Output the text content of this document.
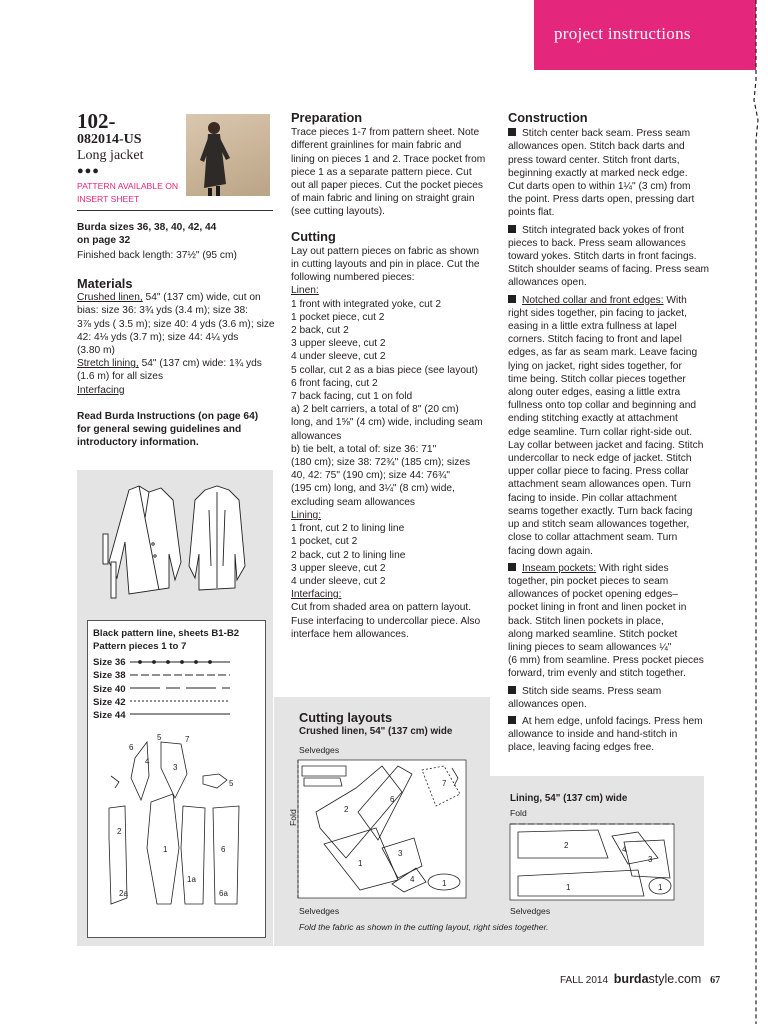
project instructions
102-
082014-US
Long jacket
●●●
PATTERN AVAILABLE ON
INSERT SHEET
Burda sizes 36, 38, 40, 42, 44
on page 32
Finished back length: 37½" (95 cm)
Materials
Crushed linen, 54" (137 cm) wide, cut on
bias: size 36: 3¾ yds (3.4 m); size 38:
3⅞ yds ( 3.5 m); size 40: 4 yds (3.6 m); size
42: 4⅛ yds (3.7 m); size 44: 4¼ yds
(3.80 m)
Stretch lining, 54" (137 cm) wide: 1¾ yds
(1.6 m) for all sizes
Interfacing
Read Burda Instructions (on page 64)
for general sewing guidelines and
introductory information.
Black pattern line, sheets B1-B2
Pattern pieces 1 to 7
Size 36
Size 38
Size 40
Size 42
Size 44
4
3
5
2
1	6
2a
1a
6a
6
5	7
Preparation
Trace pieces 1-7 from pattern sheet. Note
different grainlines for main fabric and
lining on pieces 1 and 2. Trace pocket from
piece 1 as a separate pattern piece. Cut
out all paper pieces. Cut the pocket pieces
of main fabric and lining on straight grain
(see cutting layouts).
Cutting
Lay out pattern pieces on fabric as shown
in cutting layouts and pin in place. Cut the
following numbered pieces:
Linen:
1 front with integrated yoke, cut 2
1 pocket piece, cut 2
2 back, cut 2
3 upper sleeve, cut 2
4 under sleeve, cut 2
5 collar, cut 2 as a bias piece (see layout)
6 front facing, cut 2
7 back facing, cut 1 on fold
a) 2 belt carriers, a total of 8" (20 cm)
long, and 1⅝" (4 cm) wide, including seam
allowances
b) tie belt, a total of: size 36: 71"
(180 cm); size 38: 72¾" (185 cm); sizes
40, 42: 75" (190 cm); size 44: 76¾"
(195 cm) long, and 3¼" (8 cm) wide,
excluding seam allowances
Lining:
1 front, cut 2 to lining line
1 pocket, cut 2
2 back, cut 2 to lining line
3 upper sleeve, cut 2
4 under sleeve, cut 2
Interfacing:
Cut from shaded area on pattern layout.
Fuse interfacing to undercollar piece. Also
interface hem allowances.
Construction
Stitch center back seam. Press seam
allowances open. Stitch back darts and
press toward center. Stitch front darts,
beginning exactly at marked neck edge.
Cut darts open to within 1¼" (3 cm) from
the point. Press darts open, pressing dart
points flat.
Stitch integrated back yokes of front
pieces to back. Press seam allowances
toward yokes. Stitch darts in front facings.
Stitch shoulder seams of facing. Press seam
allowances open.
Notched collar and front edges: With
right sides together, pin facing to jacket,
easing in a little extra fullness at lapel
corners. Stitch facing to front and lapel
edges, as far as seam mark. Leave facing
lying on jacket, right sides together, for
time being. Stitch collar pieces together
along outer edges, easing a little extra
fullness onto top collar and beginning and
ending stitching exactly at attachment
edge seamline. Turn collar right-side out.
Lay collar between jacket and facing. Stitch
undercollar to neck edge of jacket. Stitch
upper collar piece to facing. Press collar
attachment seam allowances open. Turn
facing to inside. Pin collar attachment
seams together exactly. Turn back facing
up and stitch seam allowances together,
close to collar attachment seam. Turn
facing down again.
Inseam pockets: With right sides
together, pin pocket pieces to seam
allowances of pocket opening edges–
pocket lining in front and linen pocket in
back. Stitch linen pockets in place,
along marked seamline. Stitch pocket
lining pieces to seam allowances ¼"
(6 mm) from seamline. Press pocket pieces
forward, trim evenly and stitch together.
Stitch side seams. Press seam
allowances open.
At hem edge, unfold facings. Press hem
allowance to inside and hand-stitch in
place, leaving facing edges free.
Cutting layouts
Crushed linen, 54" (137 cm) wide
Selvedges
2
6
3
1
4
7
1
Fold
Selvedges
Lining, 54" (137 cm) wide
Fold
2	4
3
1	1
Selvedges
Fold the fabric as shown in the cutting layout, right sides together.
FALL 2014 burdastyle.com 67
